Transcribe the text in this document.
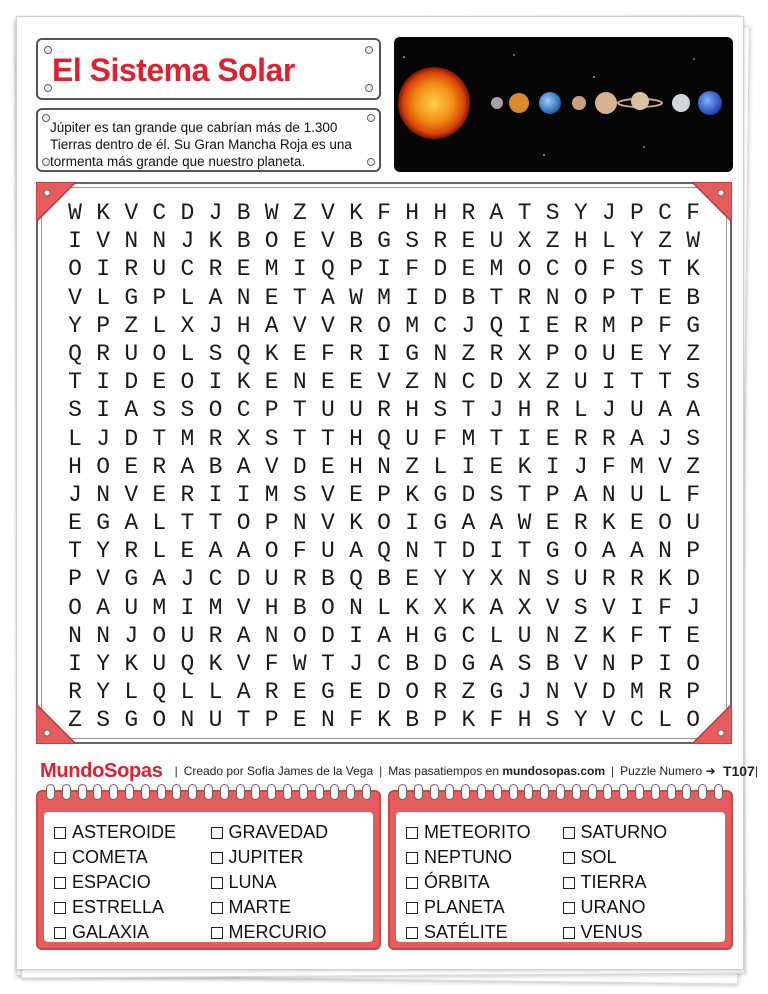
El Sistema Solar
Júpiter es tan grande que cabrían más de 1.300 Tierras dentro de él. Su Gran Mancha Roja es una tormenta más grande que nuestro planeta.
W K V C D J B W Z V K F H H R A T S Y J P C F
I V N N J K B O E V B G S R E U X Z H L Y Z W
O I R U C R E M I Q P I F D E M O C O F S T K
V L G P L A N E T A W M I D B T R N O P T E B
Y P Z L X J H A V V R O M C J Q I E R M P F G
Q R U O L S Q K E F R I G N Z R X P O U E Y Z
T I D E O I K E N E E V Z N C D X Z U I T T S
S I A S S O C P T U U R H S T J H R L J U A A
L J D T M R X S T T H Q U F M T I E R R A J S
H O E R A B A V D E H N Z L I E K I J F M V Z
J N V E R I I M S V E P K G D S T P A N U L F
E G A L T T O P N V K O I G A A W E R K E O U
T Y R L E A A O F U A Q N T D I T G O A A N P
P V G A J C D U R B Q B E Y Y X N S U R R K D
O A U M I M V H B O N L K X K A X V S V I F J
N N J O U R A N O D I A H G C L U N Z K F T E
I Y K U Q K V F W T J C B D G A S B V N P I O
R Y L Q L L A R E G E D O R Z G J N V D M R P
Z S G O N U T P E N F K B P K F H S Y V C L O
MundoSopas | Creado por Sofia James de la Vega | Mas pasatiempos en
mundosopas.com | Puzzle Numero
➜
T107 |
ASTEROIDE
COMETA
ESPACIO
ESTRELLA
GALAXIA
GRAVEDAD
JUPITER
LUNA
MARTE
MERCURIO
METEORITO
NEPTUNO
ÓRBITA
PLANETA
SATÉLITE
SATURNO
SOL
TIERRA
URANO
VENUS
